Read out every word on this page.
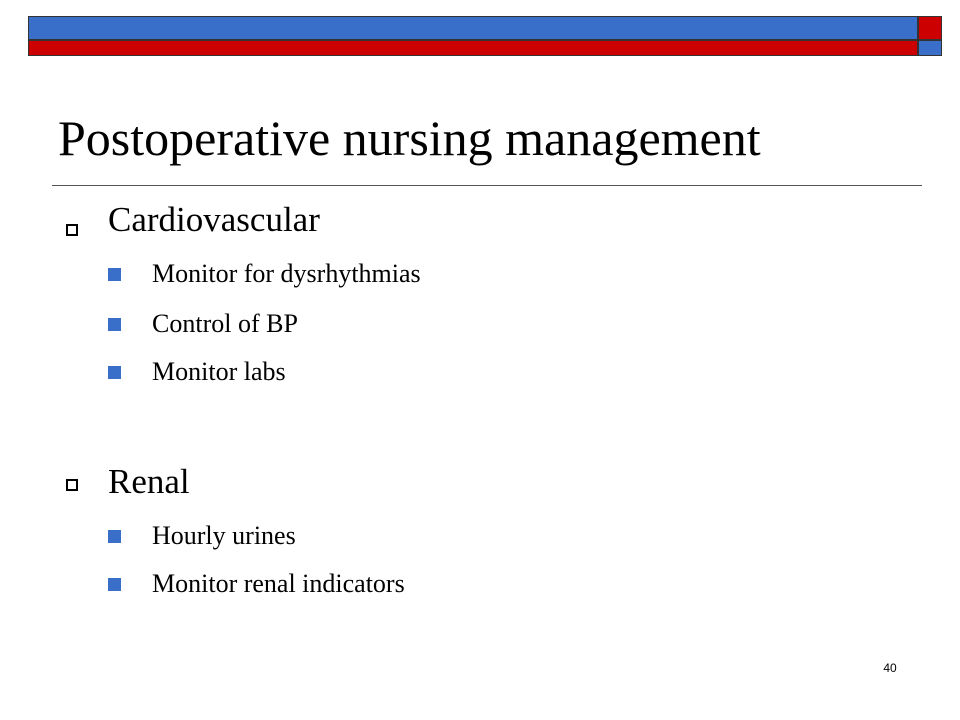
Postoperative nursing management
Cardiovascular
Monitor for dysrhythmias
Control of BP
Monitor labs
Renal
Hourly urines
Monitor renal indicators
40
